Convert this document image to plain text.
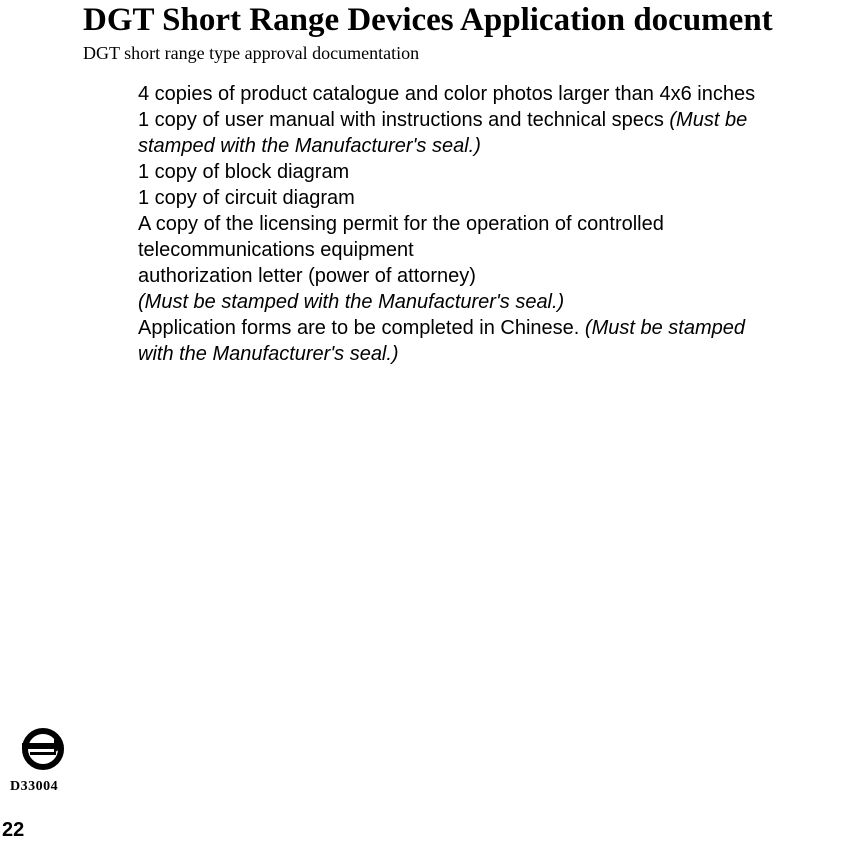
DGT Short Range Devices Application document

DGT short range type approval documentation

4 copies of product catalogue and color photos larger than 4x6 inches
1 copy of user manual with instructions and technical specs (Must be
stamped with the Manufacturer's seal.)
1 copy of block diagram
1 copy of circuit diagram
A copy of the licensing permit for the operation of controlled
telecommunications equipment
authorization letter (power of attorney)
(Must be stamped with the Manufacturer's seal.)
Application forms are to be completed in Chinese. (Must be stamped
with the Manufacturer's seal.)
D33004
22
